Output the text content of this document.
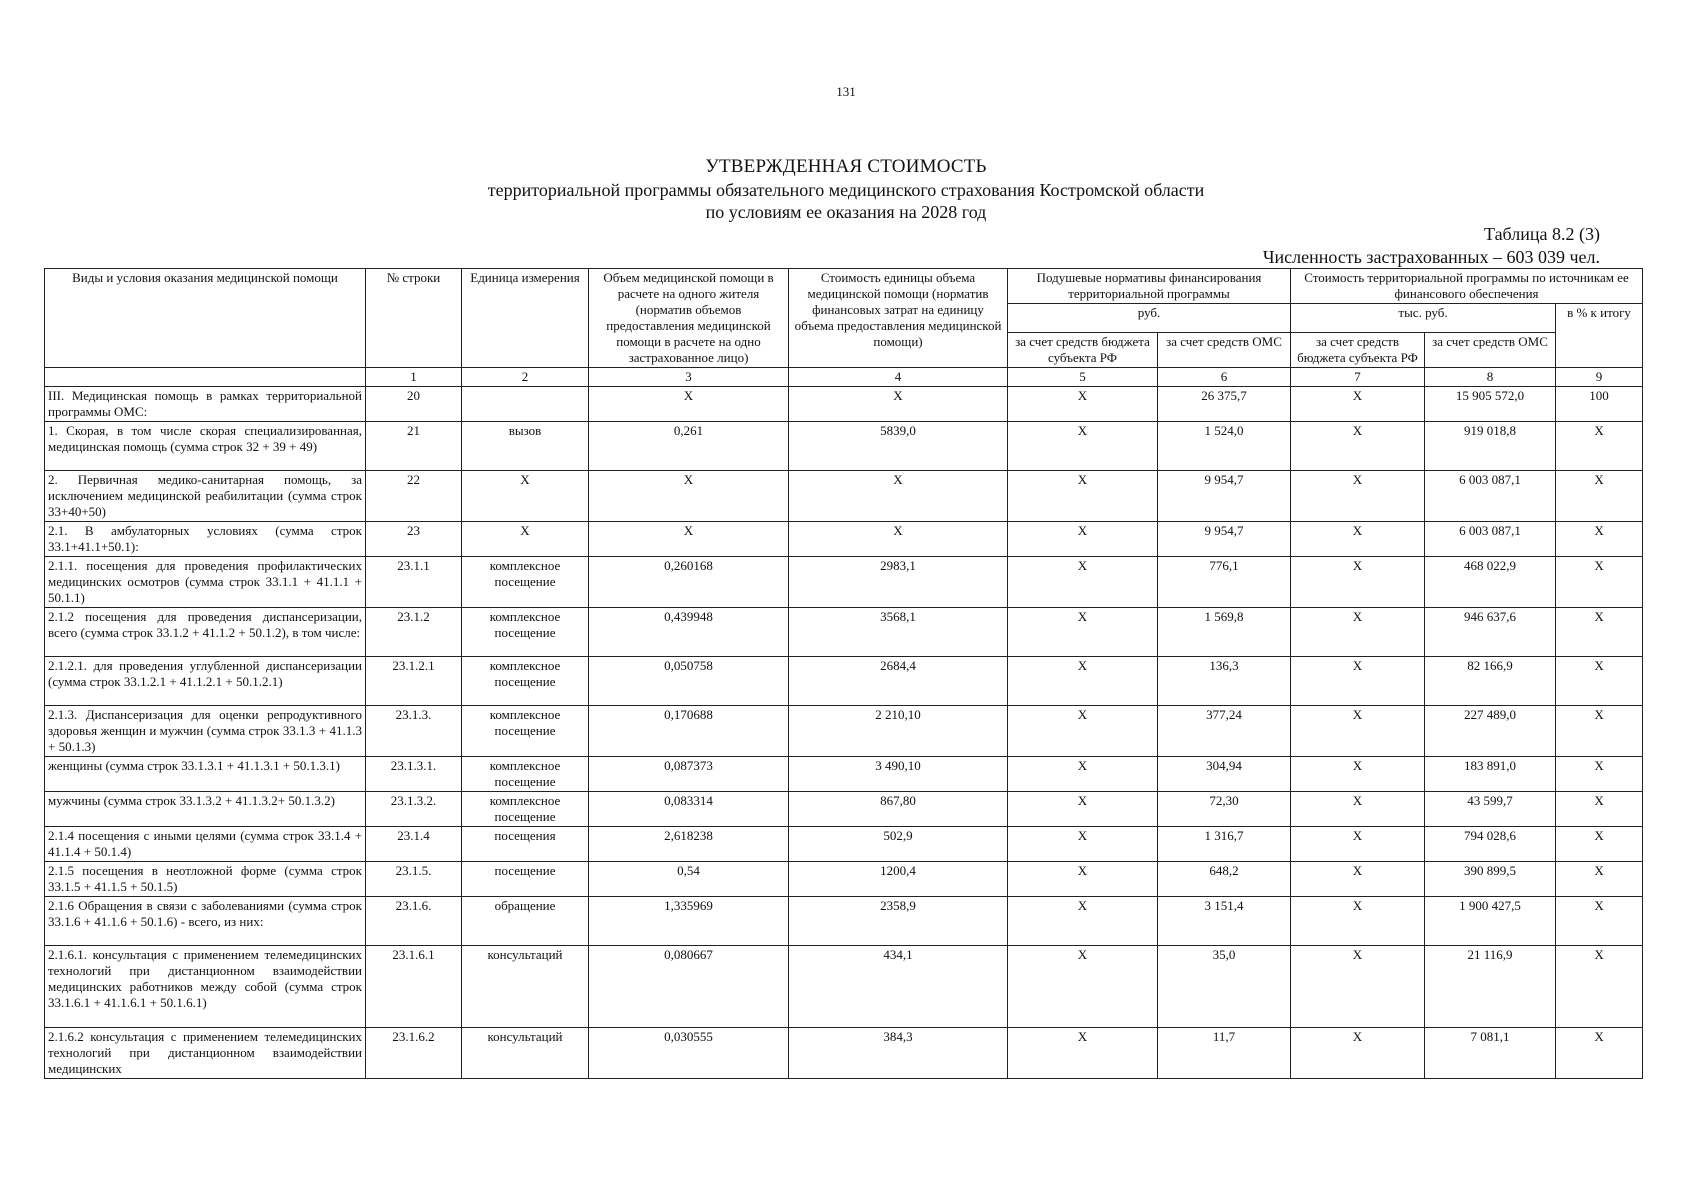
131
УТВЕРЖДЕННАЯ СТОИМОСТЬ
территориальной программы обязательного медицинского страхования Костромской области
по условиям ее оказания на 2028 год
Таблица 8.2 (3)
Численность застрахованных – 603 039 чел.
Виды и условия оказания медицинской помощи	№ строки	Единица измерения	Объем медицинской помощи в расчете на одного жителя (норматив объемов предоставления медицинской помощи в расчете на одно застрахованное лицо)	Стоимость единицы объема медицинской помощи (норматив финансовых затрат на единицу объема предоставления медицинской помощи)	Подушевые нормативы финансирования территориальной программы		Стоимость территориальной программы по источникам ее финансового обеспечения		
					руб.		тыс. руб.		в % к итогу
					за счет средств бюджета субъекта РФ	за счет средств ОМС	за счет средств бюджета субъекта РФ	за счет средств ОМС	
	1	2	3	4	5	6	7	8	9
III. Медицинская помощь в рамках территориальной программы ОМС:	20		X	X	X	26 375,7	X	15 905 572,0	100
1. Скорая, в том числе скорая специализированная, медицинская помощь (сумма строк 32 + 39 + 49)	21	вызов	0,261	5839,0	X	1 524,0	X	919 018,8	X
2. Первичная медико-санитарная помощь, за исключением медицинской реабилитации (сумма строк 33+40+50)	22	X	X	X	X	9 954,7	X	6 003 087,1	X
2.1. В амбулаторных условиях (сумма строк 33.1+41.1+50.1):	23	X	X	X	X	9 954,7	X	6 003 087,1	X
2.1.1. посещения для проведения профилактических медицинских осмотров (сумма строк 33.1.1 + 41.1.1 + 50.1.1)	23.1.1	комплексное посещение	0,260168	2983,1	X	776,1	X	468 022,9	X
2.1.2 посещения для проведения диспансеризации, всего (сумма строк 33.1.2 + 41.1.2 + 50.1.2), в том числе:	23.1.2	комплексное посещение	0,439948	3568,1	X	1 569,8	X	946 637,6	X
2.1.2.1. для проведения углубленной диспансеризации (сумма строк 33.1.2.1 + 41.1.2.1 + 50.1.2.1)	23.1.2.1	комплексное посещение	0,050758	2684,4	X	136,3	X	82 166,9	X
2.1.3. Диспансеризация для оценки репродуктивного здоровья женщин и мужчин (сумма строк 33.1.3 + 41.1.3 + 50.1.3)	23.1.3.	комплексное посещение	0,170688	2 210,10	X	377,24	X	227 489,0	X
женщины (сумма строк 33.1.3.1 + 41.1.3.1 + 50.1.3.1)	23.1.3.1.	комплексное посещение	0,087373	3 490,10	X	304,94	X	183 891,0	X
мужчины (сумма строк 33.1.3.2 + 41.1.3.2+ 50.1.3.2)	23.1.3.2.	комплексное посещение	0,083314	867,80	X	72,30	X	43 599,7	X
2.1.4 посещения с иными целями (сумма строк 33.1.4 + 41.1.4 + 50.1.4)	23.1.4	посещения	2,618238	502,9	X	1 316,7	X	794 028,6	X
2.1.5 посещения в неотложной форме (сумма строк 33.1.5 + 41.1.5 + 50.1.5)	23.1.5.	посещение	0,54	1200,4	X	648,2	X	390 899,5	X
2.1.6 Обращения в связи с заболеваниями (сумма строк 33.1.6 + 41.1.6 + 50.1.6) - всего, из них:	23.1.6.	обращение	1,335969	2358,9	X	3 151,4	X	1 900 427,5	X
2.1.6.1. консультация с применением телемедицинских технологий при дистанционном взаимодействии медицинских работников между собой (сумма строк 33.1.6.1 + 41.1.6.1 + 50.1.6.1)	23.1.6.1	консультаций	0,080667	434,1	X	35,0	X	21 116,9	X
2.1.6.2 консультация с применением телемедицинских технологий при дистанционном взаимодействии медицинских	23.1.6.2	консультаций	0,030555	384,3	X	11,7	X	7 081,1	X
